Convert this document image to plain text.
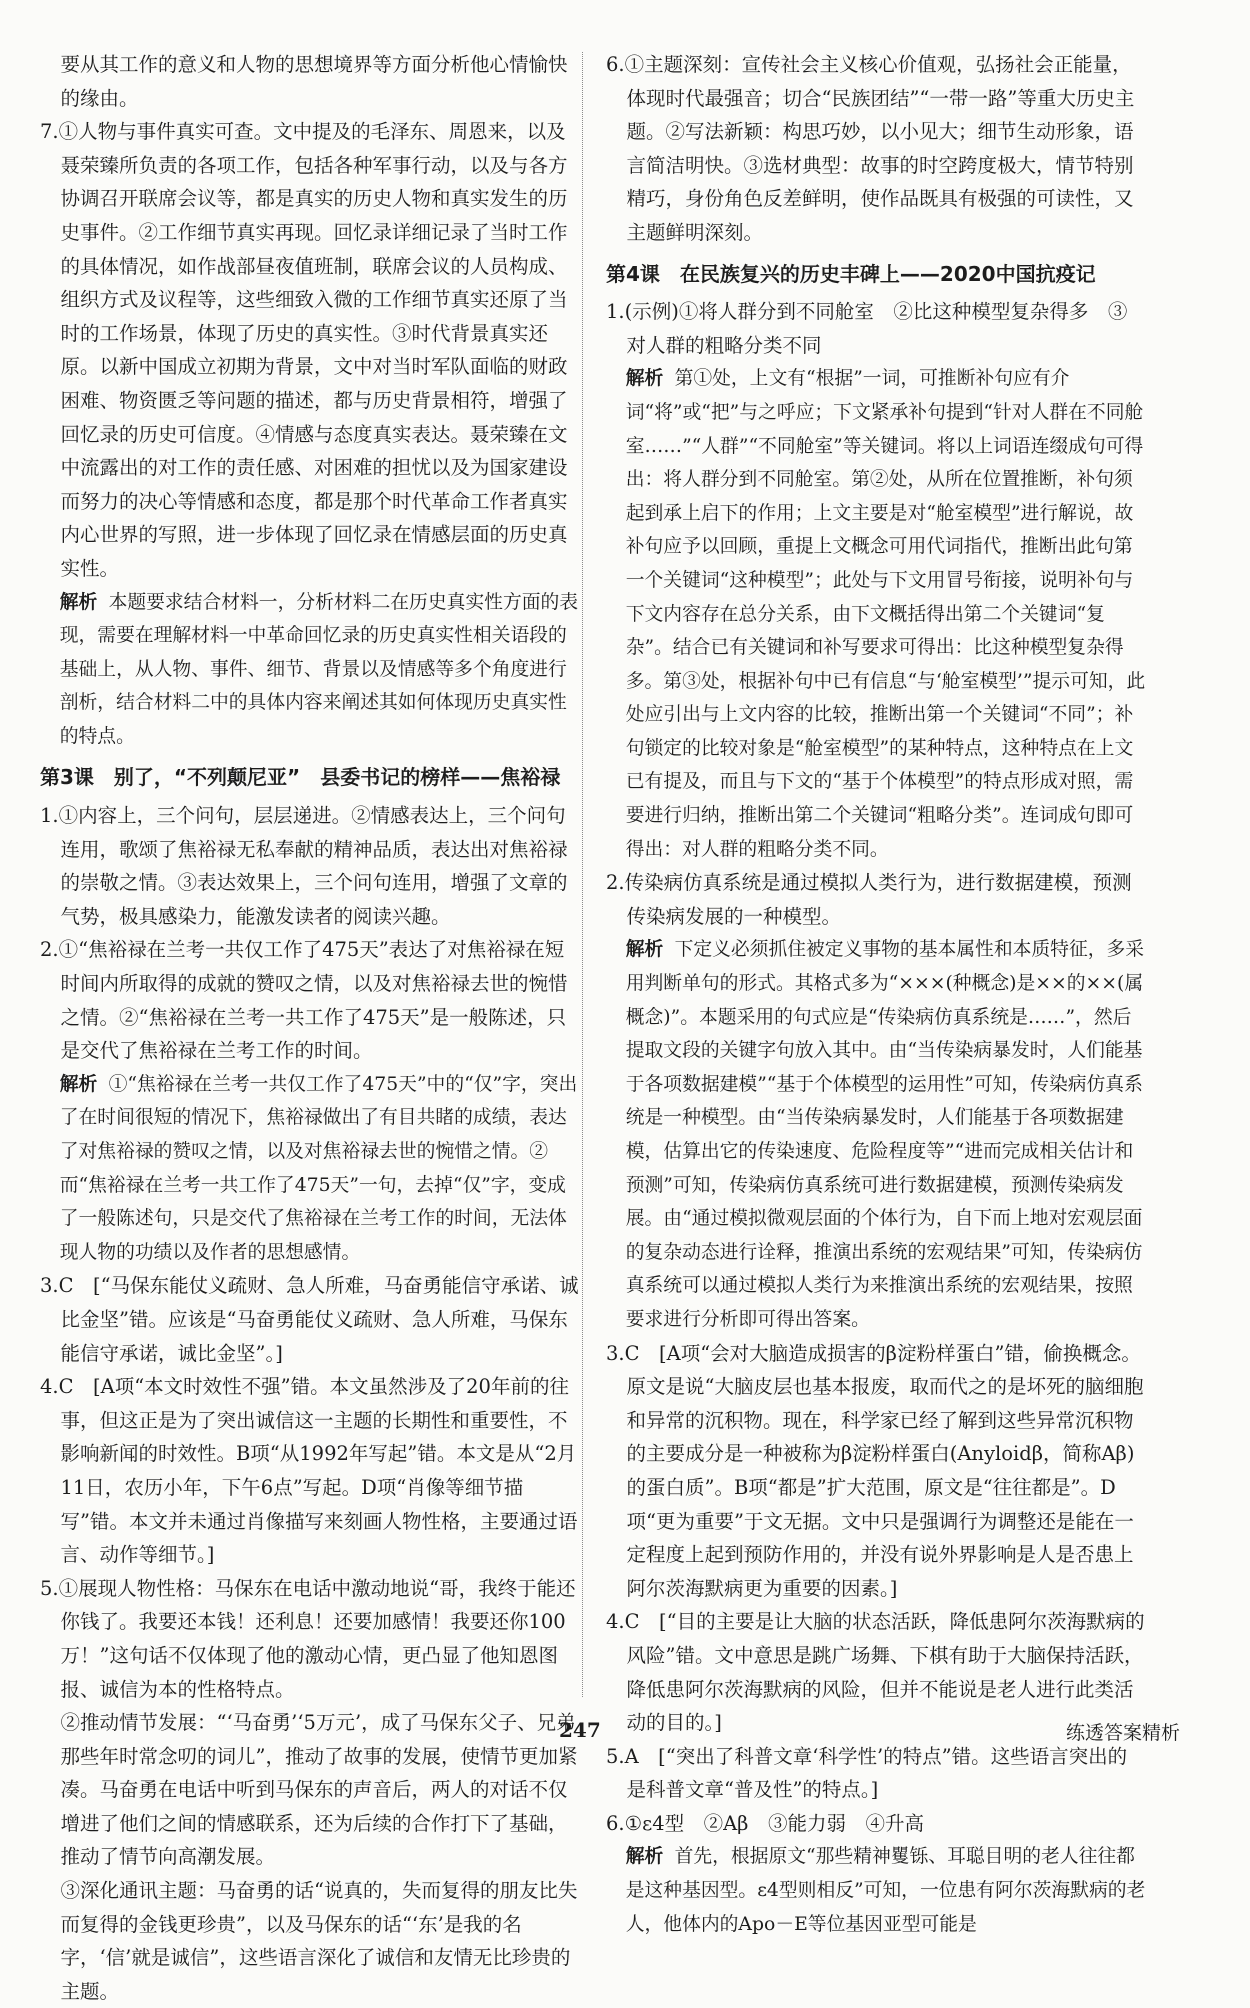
要从其工作的意义和人物的思想境界等方面分析他心情愉快的缘由。
7.①人物与事件真实可查。文中提及的毛泽东、周恩来，以及聂荣臻所负责的各项工作，包括各种军事行动，以及与各方协调召开联席会议等，都是真实的历史人物和真实发生的历史事件。②工作细节真实再现。回忆录详细记录了当时工作的具体情况，如作战部昼夜值班制，联席会议的人员构成、组织方式及议程等，这些细致入微的工作细节真实还原了当时的工作场景，体现了历史的真实性。③时代背景真实还原。以新中国成立初期为背景，文中对当时军队面临的财政困难、物资匮乏等问题的描述，都与历史背景相符，增强了回忆录的历史可信度。④情感与态度真实表达。聂荣臻在文中流露出的对工作的责任感、对困难的担忧以及为国家建设而努力的决心等情感和态度，都是那个时代革命工作者真实内心世界的写照，进一步体现了回忆录在情感层面的历史真实性。
解析 本题要求结合材料一，分析材料二在历史真实性方面的表现，需要在理解材料一中革命回忆录的历史真实性相关语段的基础上，从人物、事件、细节、背景以及情感等多个角度进行剖析，结合材料二中的具体内容来阐述其如何体现历史真实性的特点。
第3课　别了，“不列颠尼亚”　县委书记的榜样——焦裕禄
1.①内容上，三个问句，层层递进。②情感表达上，三个问句连用，歌颂了焦裕禄无私奉献的精神品质，表达出对焦裕禄的崇敬之情。③表达效果上，三个问句连用，增强了文章的气势，极具感染力，能激发读者的阅读兴趣。
2.①“焦裕禄在兰考一共仅工作了475天”表达了对焦裕禄在短时间内所取得的成就的赞叹之情，以及对焦裕禄去世的惋惜之情。②“焦裕禄在兰考一共工作了475天”是一般陈述，只是交代了焦裕禄在兰考工作的时间。
解析 ①“焦裕禄在兰考一共仅工作了475天”中的“仅”字，突出了在时间很短的情况下，焦裕禄做出了有目共睹的成绩，表达了对焦裕禄的赞叹之情，以及对焦裕禄去世的惋惜之情。②而“焦裕禄在兰考一共工作了475天”一句，去掉“仅”字，变成了一般陈述句，只是交代了焦裕禄在兰考工作的时间，无法体现人物的功绩以及作者的思想感情。
3.C　[“马保东能仗义疏财、急人所难，马奋勇能信守承诺、诚比金坚”错。应该是“马奋勇能仗义疏财、急人所难，马保东能信守承诺，诚比金坚”。]
4.C　[A项“本文时效性不强”错。本文虽然涉及了20年前的往事，但这正是为了突出诚信这一主题的长期性和重要性，不影响新闻的时效性。B项“从1992年写起”错。本文是从“2月11日，农历小年，下午6点”写起。D项“肖像等细节描写”错。本文并未通过肖像描写来刻画人物性格，主要通过语言、动作等细节。]
5.①展现人物性格：马保东在电话中激动地说“哥，我终于能还你钱了。我要还本钱！还利息！还要加感情！我要还你100万！”这句话不仅体现了他的激动心情，更凸显了他知恩图报、诚信为本的性格特点。
②推动情节发展：“‘马奋勇’‘5万元’，成了马保东父子、兄弟那些年时常念叨的词儿”，推动了故事的发展，使情节更加紧凑。马奋勇在电话中听到马保东的声音后，两人的对话不仅增进了他们之间的情感联系，还为后续的合作打下了基础，推动了情节向高潮发展。
③深化通讯主题：马奋勇的话“说真的，失而复得的朋友比失而复得的金钱更珍贵”，以及马保东的话“‘东’是我的名字，‘信’就是诚信”，这些语言深化了诚信和友情无比珍贵的主题。
6.①主题深刻：宣传社会主义核心价值观，弘扬社会正能量，体现时代最强音；切合“民族团结”“一带一路”等重大历史主题。②写法新颖：构思巧妙，以小见大；细节生动形象，语言简洁明快。③选材典型：故事的时空跨度极大，情节特别精巧，身份角色反差鲜明，使作品既具有极强的可读性，又主题鲜明深刻。
第4课　在民族复兴的历史丰碑上——2020中国抗疫记
1.(示例)①将人群分到不同舱室　②比这种模型复杂得多　③对人群的粗略分类不同
解析 第①处，上文有“根据”一词，可推断补句应有介词“将”或“把”与之呼应；下文紧承补句提到“针对人群在不同舱室……”“人群”“不同舱室”等关键词。将以上词语连缀成句可得出：将人群分到不同舱室。第②处，从所在位置推断，补句须起到承上启下的作用；上文主要是对“舱室模型”进行解说，故补句应予以回顾，重提上文概念可用代词指代，推断出此句第一个关键词“这种模型”；此处与下文用冒号衔接，说明补句与下文内容存在总分关系，由下文概括得出第二个关键词“复杂”。结合已有关键词和补写要求可得出：比这种模型复杂得多。第③处，根据补句中已有信息“与‘舱室模型’”提示可知，此处应引出与上文内容的比较，推断出第一个关键词“不同”；补句锁定的比较对象是“舱室模型”的某种特点，这种特点在上文已有提及，而且与下文的“基于个体模型”的特点形成对照，需要进行归纳，推断出第二个关键词“粗略分类”。连词成句即可得出：对人群的粗略分类不同。
2.传染病仿真系统是通过模拟人类行为，进行数据建模，预测传染病发展的一种模型。
解析 下定义必须抓住被定义事物的基本属性和本质特征，多采用判断单句的形式。其格式多为“×××(种概念)是××的××(属概念)”。本题采用的句式应是“传染病仿真系统是……”，然后提取文段的关键字句放入其中。由“当传染病暴发时，人们能基于各项数据建模”“基于个体模型的运用性”可知，传染病仿真系统是一种模型。由“当传染病暴发时，人们能基于各项数据建模，估算出它的传染速度、危险程度等”“进而完成相关估计和预测”可知，传染病仿真系统可进行数据建模，预测传染病发展。由“通过模拟微观层面的个体行为，自下而上地对宏观层面的复杂动态进行诠释，推演出系统的宏观结果”可知，传染病仿真系统可以通过模拟人类行为来推演出系统的宏观结果，按照要求进行分析即可得出答案。
3.C　[A项“会对大脑造成损害的β淀粉样蛋白”错，偷换概念。原文是说“大脑皮层也基本报废，取而代之的是坏死的脑细胞和异常的沉积物。现在，科学家已经了解到这些异常沉积物的主要成分是一种被称为β淀粉样蛋白(Anyloidβ，简称Aβ)的蛋白质”。B项“都是”扩大范围，原文是“往往都是”。D项“更为重要”于文无据。文中只是强调行为调整还是能在一定程度上起到预防作用的，并没有说外界影响是人是否患上阿尔茨海默病更为重要的因素。]
4.C　[“目的主要是让大脑的状态活跃，降低患阿尔茨海默病的风险”错。文中意思是跳广场舞、下棋有助于大脑保持活跃，降低患阿尔茨海默病的风险，但并不能说是老人进行此类活动的目的。]
5.A　[“突出了科普文章‘科学性’的特点”错。这些语言突出的是科普文章“普及性”的特点。]
6.①ε4型　②Aβ　③能力弱　④升高
解析 首先，根据原文“那些精神矍铄、耳聪目明的老人往往都是这种基因型。ε4型则相反”可知，一位患有阿尔茨海默病的老人，他体内的Apo－E等位基因亚型可能是

247	练透答案精析
